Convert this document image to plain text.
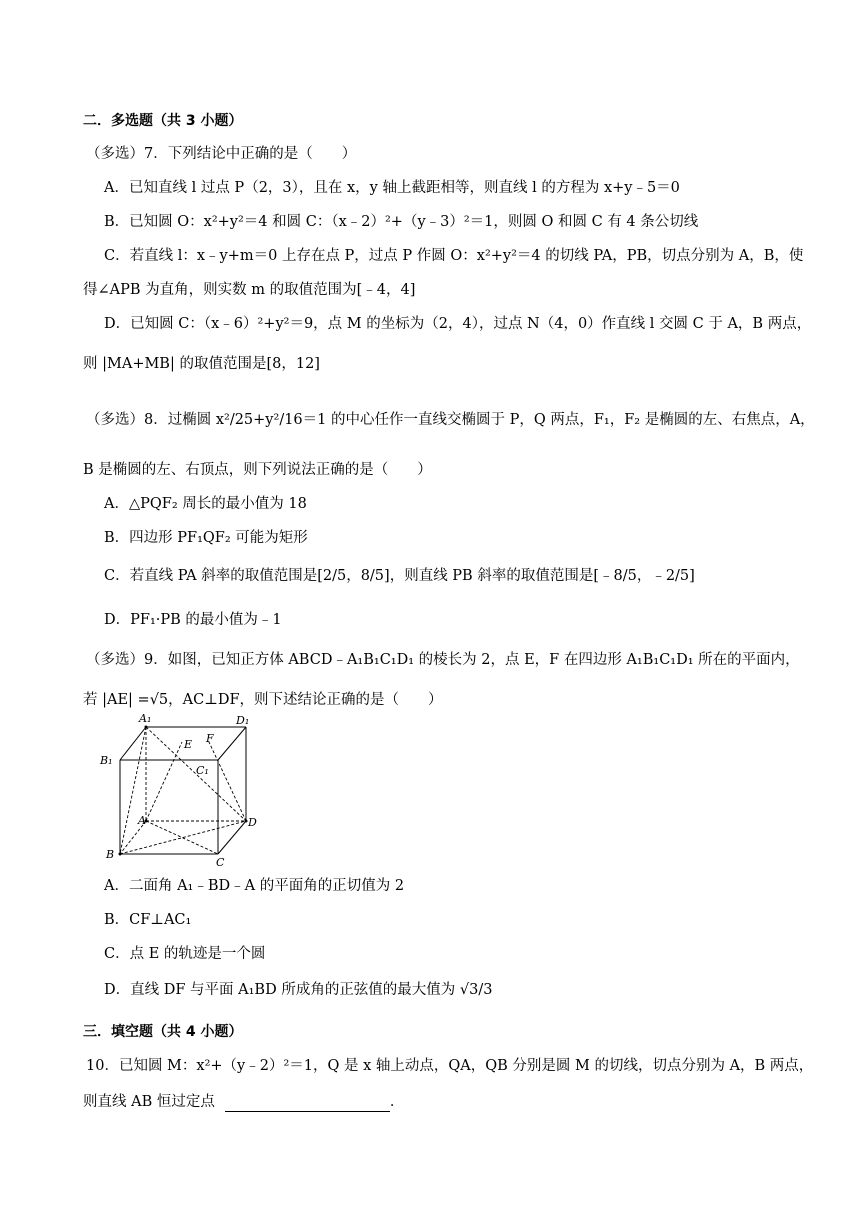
二．多选题（共 3 小题）
（多选）7．下列结论中正确的是（　　）
A．已知直线 l 过点 P（2，3），且在 x，y 轴上截距相等，则直线 l 的方程为 x+y﹣5＝0
B．已知圆 O：x²+y²＝4 和圆 C：（x﹣2）²+（y﹣3）²＝1，则圆 O 和圆 C 有 4 条公切线
C．若直线 l：x﹣y+m＝0 上存在点 P，过点 P 作圆 O：x²+y²＝4 的切线 PA，PB，切点分别为 A，B，使
得∠APB 为直角，则实数 m 的取值范围为[﹣4，4]
D．已知圆 C：（x﹣6）²+y²＝9，点 M 的坐标为（2，4），过点 N（4，0）作直线 l 交圆 C 于 A，B 两点，
则 |MA+MB| 的取值范围是[8，12]
（多选）8．过椭圆 x²/25+y²/16＝1 的中心任作一直线交椭圆于 P，Q 两点，F₁，F₂ 是椭圆的左、右焦点，A，
B 是椭圆的左、右顶点，则下列说法正确的是（　　）
A．△PQF₂ 周长的最小值为 18
B．四边形 PF₁QF₂ 可能为矩形
C．若直线 PA 斜率的取值范围是[2/5，8/5]，则直线 PB 斜率的取值范围是[﹣8/5，﹣2/5]
D．PF₁·PB 的最小值为﹣1
（多选）9．如图，已知正方体 ABCD﹣A₁B₁C₁D₁ 的棱长为 2，点 E，F 在四边形 A₁B₁C₁D₁ 所在的平面内，
若 |AE| =√5，AC⊥DF，则下述结论正确的是（　　）
A₁	D₁
E F
B₁
C₁
A	D
B
C
A．二面角 A₁﹣BD﹣A 的平面角的正切值为 2
B．CF⊥AC₁
C．点 E 的轨迹是一个圆
D．直线 DF 与平面 A₁BD 所成角的正弦值的最大值为 √3/3
三．填空题（共 4 小题）
10．已知圆 M：x²+（y﹣2）²＝1，Q 是 x 轴上动点，QA，QB 分别是圆 M 的切线，切点分别为 A，B 两点，
则直线 AB 恒过定点	．
